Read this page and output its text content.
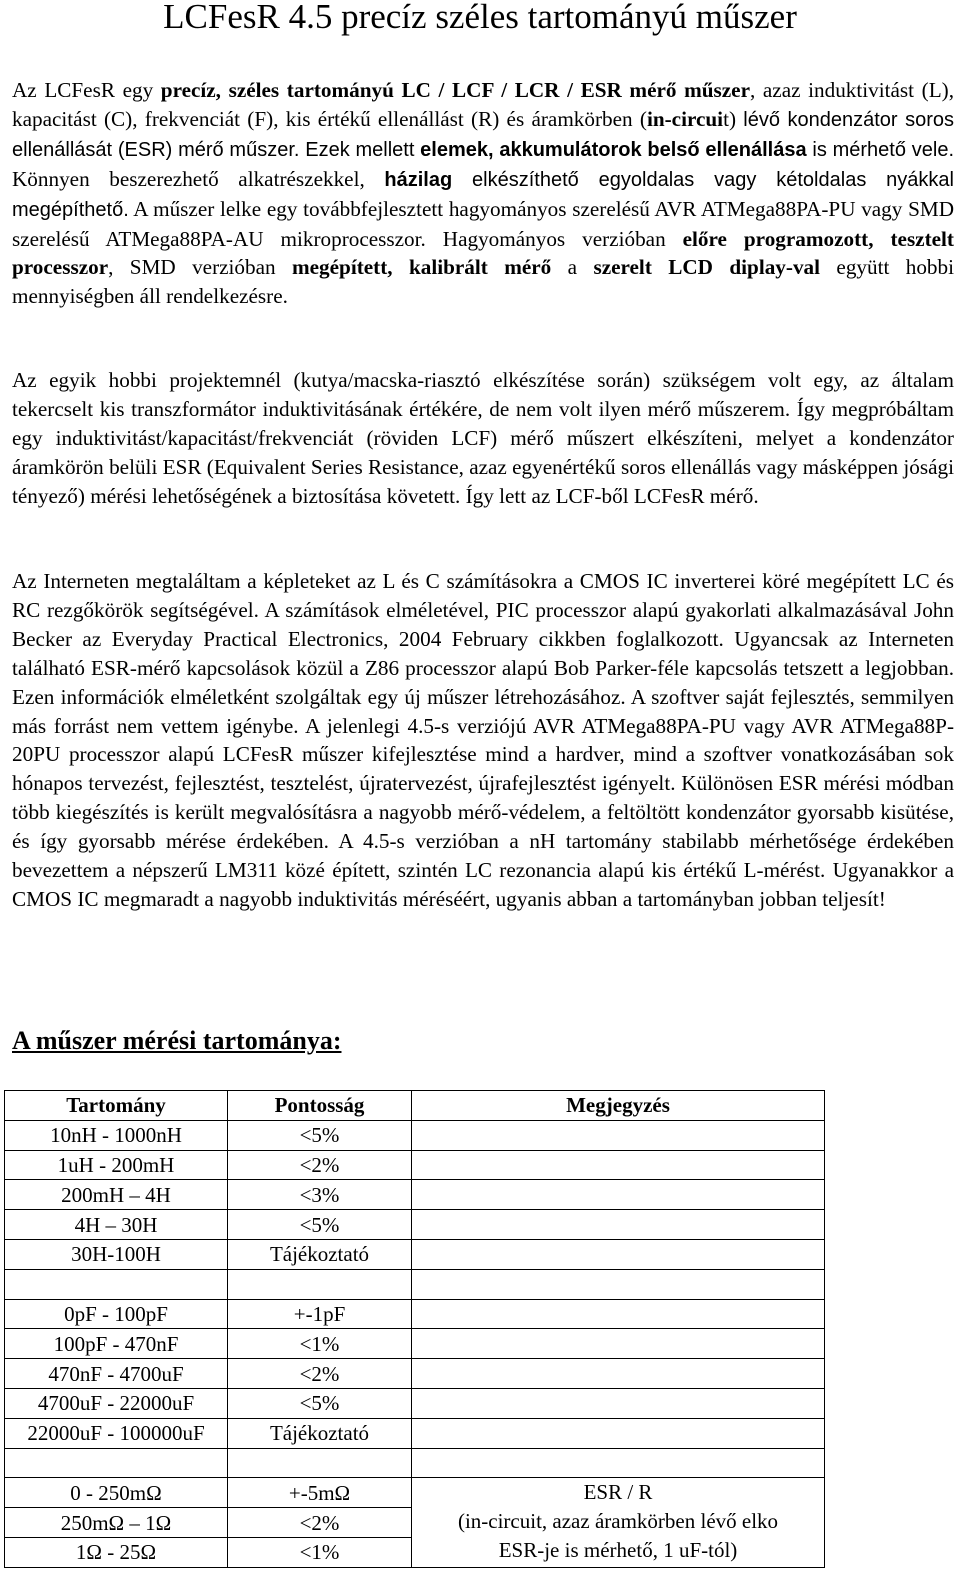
LCFesR 4.5 precíz széles tartományú műszer

Az LCFesR egy precíz, széles tartományú LC / LCF / LCR / ESR mérő műszer, azaz induktivitást (L), kapacitást (C), frekvenciát (F), kis értékű ellenállást (R) és áramkörben (in-circuit) lévő kondenzátor soros ellenállását (ESR) mérő műszer. Ezek mellett elemek, akkumulátorok belső ellenállása is mérhető vele. Könnyen beszerezhető alkatrészekkel, házilag elkészíthető egyoldalas vagy kétoldalas nyákkal megépíthető. A műszer lelke egy továbbfejlesztett hagyományos szerelésű AVR ATMega88PA-PU vagy SMD szerelésű ATMega88PA-AU mikroprocesszor. Hagyományos verzióban előre programozott, tesztelt processzor, SMD verzióban megépített, kalibrált mérő a szerelt LCD diplay-val együtt hobbi mennyiségben áll rendelkezésre.

Az egyik hobbi projektemnél (kutya/macska-riasztó elkészítése során) szükségem volt egy, az általam tekercselt kis transzformátor induktivitásának értékére, de nem volt ilyen mérő műszerem. Így megpróbáltam egy induktivitást/kapacitást/frekvenciát (röviden LCF) mérő műszert elkészíteni, melyet a kondenzátor áramkörön belüli ESR (Equivalent Series Resistance, azaz egyenértékű soros ellenállás vagy másképpen jósági tényező) mérési lehetőségének a biztosítása követett. Így lett az LCF-ből LCFesR mérő.

Az Interneten megtaláltam a képleteket az L és C számításokra a CMOS IC inverterei köré megépített LC és RC rezgőkörök segítségével. A számítások elméletével, PIC processzor alapú gyakorlati alkalmazásával John Becker az Everyday Practical Electronics, 2004 February cikkben foglalkozott. Ugyancsak az Interneten található ESR-mérő kapcsolások közül a Z86 processzor alapú Bob Parker-féle kapcsolás tetszett a legjobban. Ezen információk elméletként szolgáltak egy új műszer létrehozásához. A szoftver saját fejlesztés, semmilyen más forrást nem vettem igénybe. A jelenlegi 4.5-s verziójú AVR ATMega88PA-PU vagy AVR ATMega88P-20PU processzor alapú LCFesR műszer kifejlesztése mind a hardver, mind a szoftver vonatkozásában sok hónapos tervezést, fejlesztést, tesztelést, újratervezést, újrafejlesztést igényelt. Különösen ESR mérési módban több kiegészítés is került megvalósításra a nagyobb mérő-védelem, a feltöltött kondenzátor gyorsabb kisütése, és így gyorsabb mérése érdekében. A 4.5-s verzióban a nH tartomány stabilabb mérhetősége érdekében bevezettem a népszerű LM311 közé épített, szintén LC rezonancia alapú kis értékű L-mérést. Ugyanakkor a CMOS IC megmaradt a nagyobb induktivitás méréséért, ugyanis abban a tartományban jobban teljesít!

A műszer mérési tartománya:
Tartomány	Pontosság	Megjegyzés
10nH - 1000nH	<5%	
1uH - 200mH	<2%	
200mH – 4H	<3%	
4H – 30H	<5%	
30H-100H	Tájékoztató	

0pF - 100pF	+-1pF	
100pF - 470nF	<1%	
470nF - 4700uF	<2%	
4700uF - 22000uF	<5%	
22000uF - 100000uF	Tájékoztató	

0 - 250mΩ	+-5mΩ	ESR / R
(in-circuit, azaz áramkörben lévő elko
ESR-je is mérhető, 1 uF-tól)

250mΩ – 1Ω	<2%	
1Ω - 25Ω	<1%	
